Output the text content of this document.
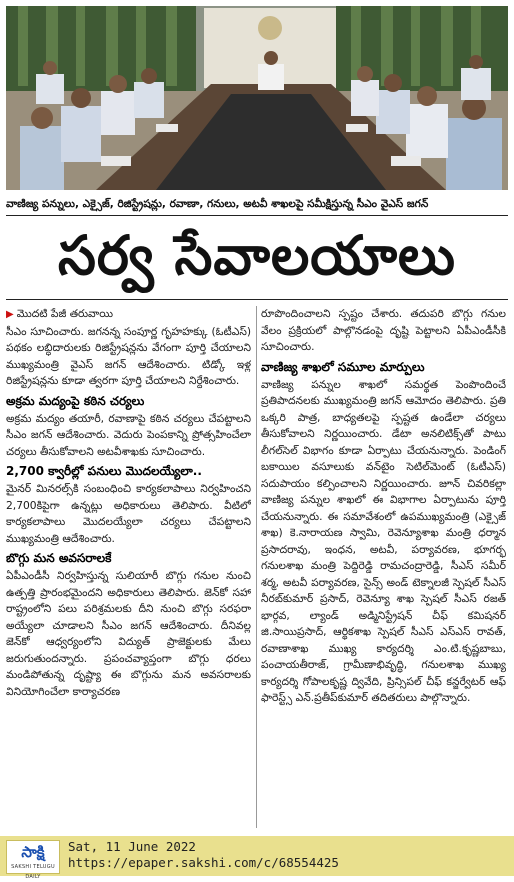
వాణిజ్య పన్నులు, ఎక్సైజ్, రిజిస్ట్రేషన్లు, రవాణా, గనులు, అటవీ శాఖలపై సమీక్షిస్తున్న సీఎం వైఎస్ జగన్
సర్వ సేవాలయాలు

▶ మొదటి పేజీ తరువాయి
సీఎం సూచించారు. జగనన్న సంపూర్ణ గృహహక్కు (ఓటీఎస్) పథకం లబ్ధిదారులకు రిజిస్ట్రేషన్లను వేగంగా పూర్తి చేయాలని ముఖ్యమంత్రి వైఎస్ జగన్ ఆదేశించారు. టిడ్కో ఇళ్ల రిజిస్ట్రేషన్లను కూడా త్వరగా పూర్తి చేయాలని నిర్దేశించారు.

అక్రమ మద్యంపై కఠిన చర్యలు

అక్రమ మద్యం తయారీ, రవాణాపై కఠిన చర్యలు చేపట్టాలని సీఎం జగన్ ఆదేశించారు. వెదురు పెంపకాన్ని ప్రోత్సహించేలా చర్యలు తీసుకోవాలని అటవీశాఖకు సూచించారు.

2,700 క్వారీల్లో పనులు మొదలయ్యేలా..

మైనర్ మినరల్స్‌కి సంబంధించి కార్యకలాపాలు నిర్వహించని 2,700కిపైగా ఉన్నట్లు అధికారులు తెలిపారు. వీటిలో కార్యకలాపాలు మొదలయ్యేలా చర్యలు చేపట్టాలని ముఖ్యమంత్రి ఆదేశించారు.

బొగ్గు మన అవసరాలకే

ఏపీఎండీసీ నిర్వహిస్తున్న సులియారీ బొగ్గు గనుల నుంచి ఉత్పత్తి ప్రారంభమైందని అధికారులు తెలిపారు. జెన్‌కో సహా రాష్ట్రంలోని పలు పరిశ్రమలకు దీని నుంచి బొగ్గు సరఫరా అయ్యేలా చూడాలని సీఎం జగన్ ఆదేశించారు. దీనివల్ల జెన్‌కో ఆధ్వర్యంలోని విద్యుత్ ప్రాజెక్టులకు మేలు జరుగుతుందన్నారు. ప్రపంచవ్యాప్తంగా బొగ్గు ధరలు మండిపోతున్న దృష్ట్యా ఈ బొగ్గును మన అవసరాలకు వినియోగించేలా కార్యాచరణ

రూపొందించాలని స్పష్టం చేశారు. తదుపరి బొగ్గు గనుల వేలం ప్రక్రియలో పాల్గొనడంపై దృష్టి పెట్టాలని ఏపీఎండీసీకి సూచించారు.

వాణిజ్య శాఖలో సమూల మార్పులు

వాణిజ్య పన్నుల శాఖలో సమర్థత పెంపొందించే ప్రతిపాదనలకు ముఖ్యమంత్రి జగన్ ఆమోదం తెలిపారు. ప్రతి ఒక్కరి పాత్ర, బాధ్యతలపై స్పష్టత ఉండేలా చర్యలు తీసుకోవాలని నిర్ణయించారు. డేటా అనలిటిక్స్‌తో పాటు లీగల్‌సెల్ విభాగం కూడా ఏర్పాటు చేయనున్నారు. పెండింగ్ బకాయిల వసూలుకు వన్‌టైం సెటిల్‌మెంట్ (ఓటీఎస్) సదుపాయం కల్పించాలని నిర్ణయించారు. జూన్ చివరికల్లా వాణిజ్య పన్నుల శాఖలో ఈ విభాగాల ఏర్పాటును పూర్తి చేయనున్నారు. ఈ సమావేశంలో ఉపముఖ్యమంత్రి (ఎక్సైజ్ శాఖ) కె.నారాయణ స్వామి, రెవెన్యూశాఖ మంత్రి ధర్మాన ప్రసాదరావు, ఇంధన, అటవీ, పర్యావరణ, భూగర్భ గనులశాఖ మంత్రి పెద్దిరెడ్డి రామచంద్రారెడ్డి, సీఎస్ సమీర్ శర్మ, అటవీ పర్యావరణ, సైన్స్ అండ్ టెక్నాలజీ స్పెషల్ సీఎస్ నీరబ్‌కుమార్ ప్రసాద్, రెవెన్యూ శాఖ స్పెషల్ సీఎస్ రజత్ భార్గవ, ల్యాండ్ అడ్మినిస్ట్రేషన్ చీఫ్ కమిషనర్ జి.సాయిప్రసాద్, ఆర్థికశాఖ స్పెషల్ సీఎస్ ఎస్ఎస్ రావత్, రవాణాశాఖ ముఖ్య కార్యదర్శి ఎం.టి.కృష్ణబాబు, పంచాయతీరాజ్, గ్రామీణాభివృద్ధి, గనులశాఖ ముఖ్య కార్యదర్శి గోపాలకృష్ణ ద్వివేది, ప్రిన్సిపల్ చీఫ్ కన్జర్వేటర్ ఆఫ్ ఫారెస్ట్స్ ఎన్.ప్రతీప్‌కుమార్ తదితరులు పాల్గొన్నారు.

సాక్షి
SAKSHI TELUGU DAILY
Sat, 11 June 2022
https://epaper.sakshi.com/c/68554425
